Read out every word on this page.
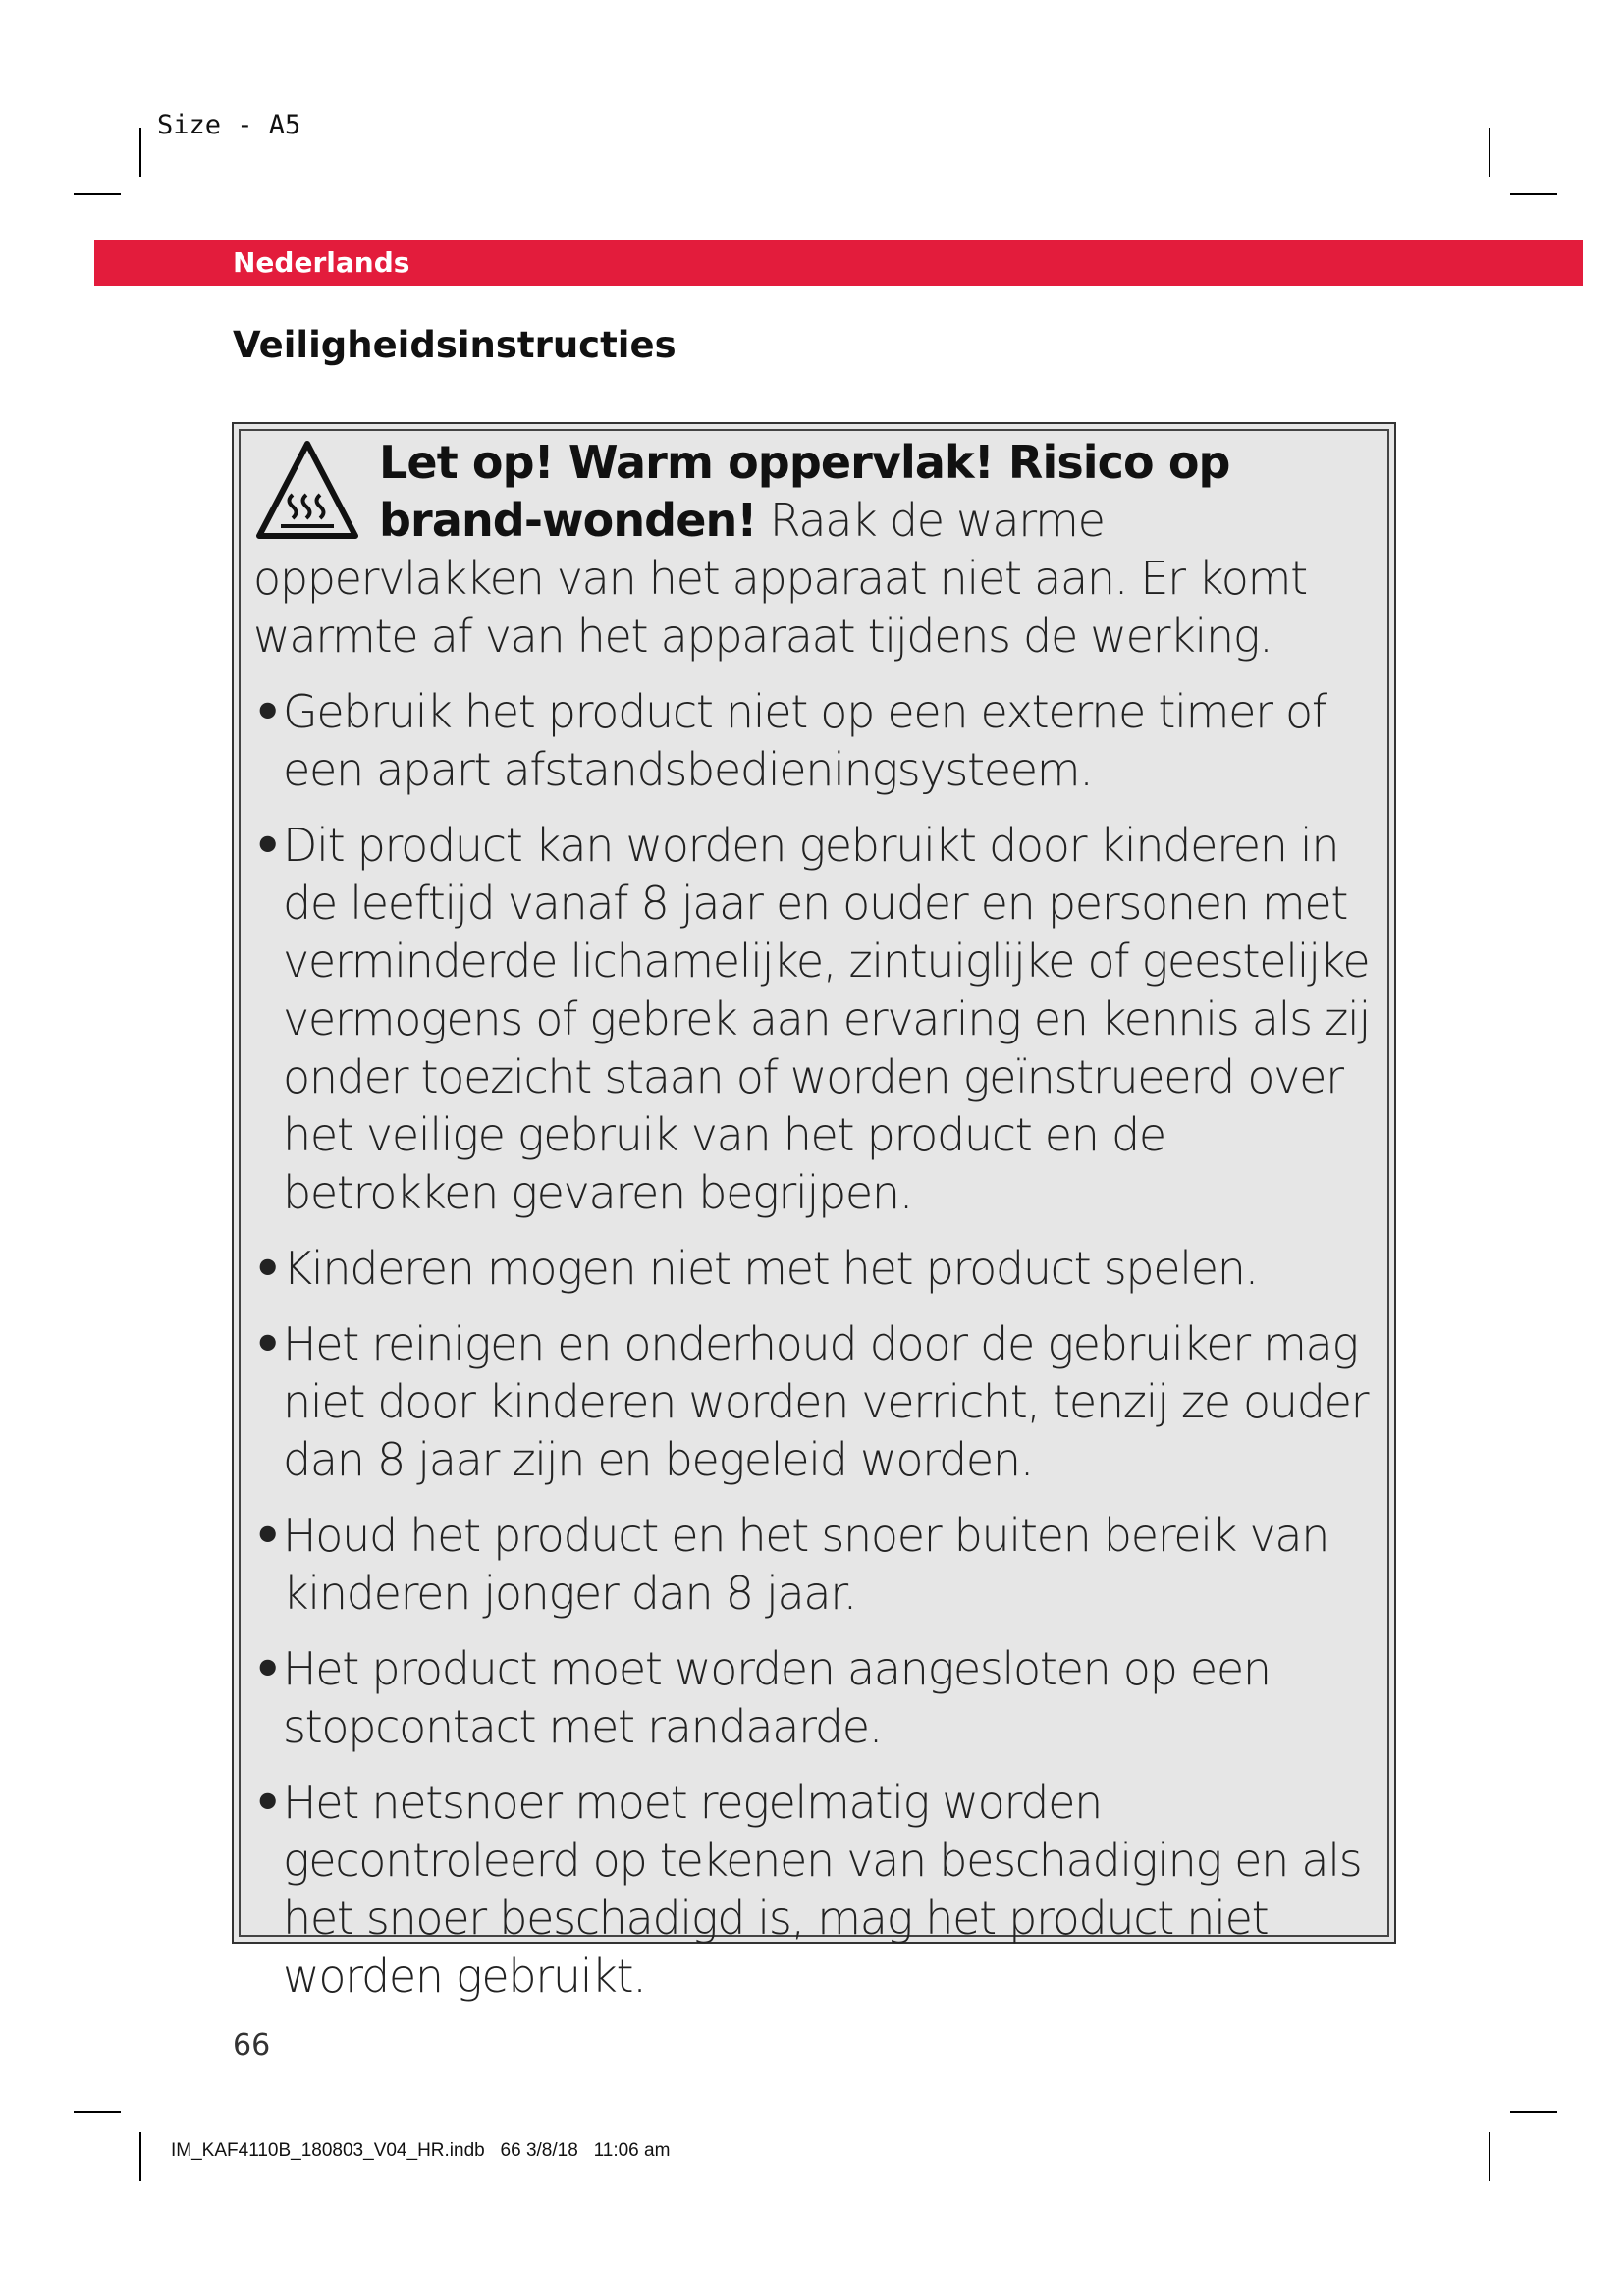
Size - A5
Nederlands
Veiligheidsinstructies
Let op! Warm oppervlak! Risico op brand-wonden! Raak de warme oppervlakken van het apparaat niet aan. Er komt warmte af van het apparaat tijdens de werking.
• Gebruik het product niet op een externe timer of een apart afstandsbedieningsysteem.
• Dit product kan worden gebruikt door kinderen in de leeftijd vanaf 8 jaar en ouder en personen met verminderde lichamelijke, zintuiglijke of geestelijke vermogens of gebrek aan ervaring en kennis als zij onder toezicht staan of worden geïnstrueerd over het veilige gebruik van het product en de betrokken gevaren begrijpen.
• Kinderen mogen niet met het product spelen.
• Het reinigen en onderhoud door de gebruiker mag niet door kinderen worden verricht, tenzij ze ouder dan 8 jaar zijn en begeleid worden.
• Houd het product en het snoer buiten bereik van kinderen jonger dan 8 jaar.
• Het product moet worden aangesloten op een stopcontact met randaarde.
• Het netsnoer moet regelmatig worden gecontroleerd op tekenen van beschadiging en als het snoer beschadigd is, mag het product niet worden gebruikt.
66
IM_KAF4110B_180803_V04_HR.indb   66 3/8/18   11:06 am
